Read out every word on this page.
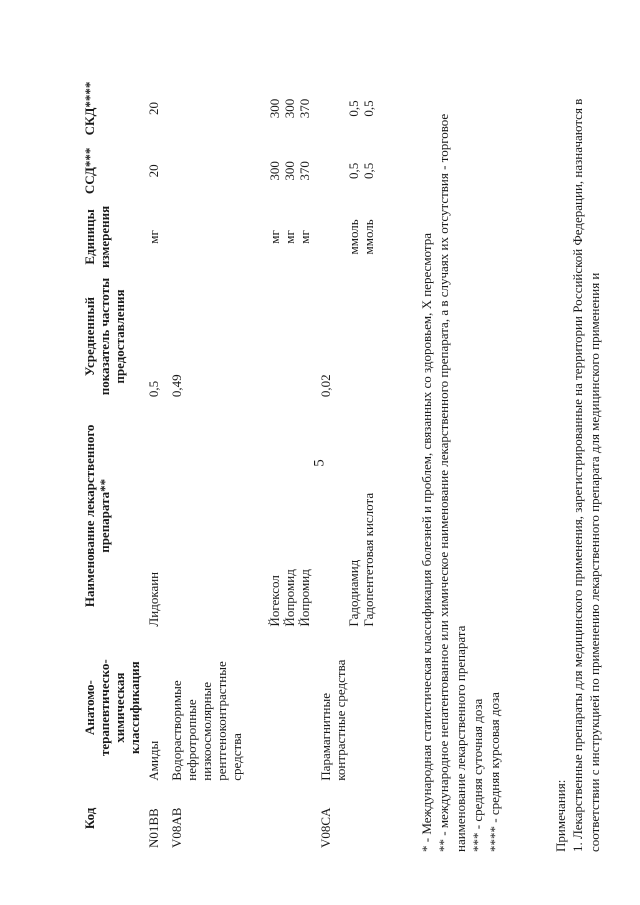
5
Код	Анатомо-терапевтическо-химическая классификация	Наименование лекарственного препарата**	Усредненный показатель частоты предоставления	Единицы измерения	ССД***	СКД****
N01BB	Амиды	Лидокаин	0,5	мг	20	20

V08AB	Водорастворимые нефротропные низкоосмолярные рентгеноконтрастные средства	Йогексол Йопромид Йопромид	0,49	мг мг мг	300 300 370	300 300 370

V08CA	Парамагнитные контрастные средства	Гадодиамид Гадопентетовая кислота	0,02	ммоль ммоль	0,5 0,5	0,5 0,5

* - Международная статистическая классификация болезней и проблем, связанных со здоровьем, X пересмотра ** - международное непатентованное или химическое наименование лекарственного препарата, а в случаях их отсутствия - торговое наименование лекарственного препарата *** - средняя суточная доза **** - средняя курсовая доза	Примечания: 1. Лекарственные препараты для медицинского применения, зарегистрированные на территории Российской Федерации, назначаются в соответствии с инструкцией по применению лекарственного препарата для медицинского применения и
